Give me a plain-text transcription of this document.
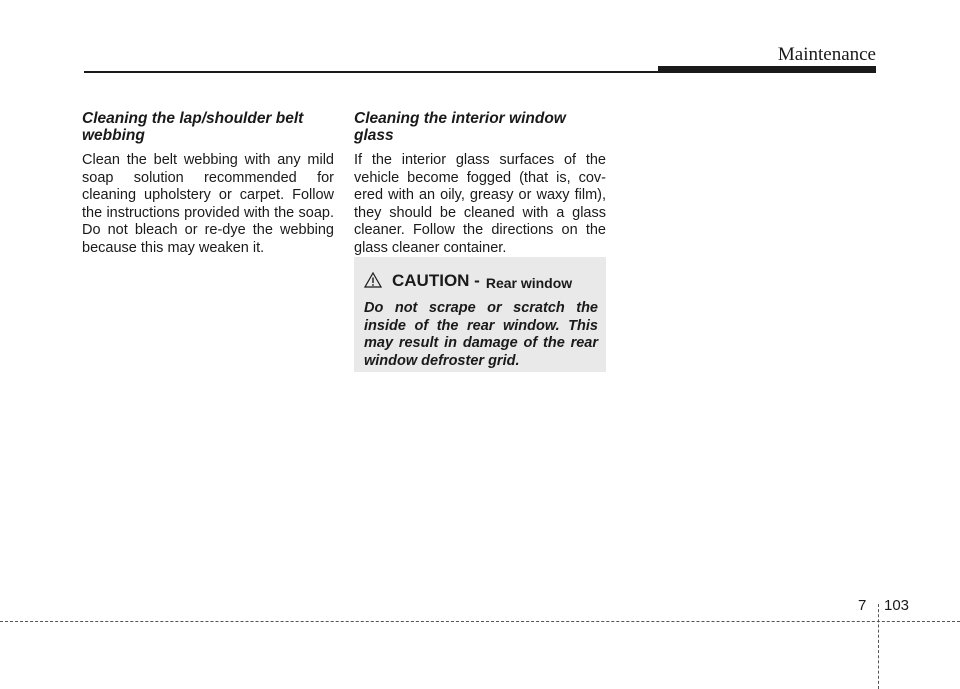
Maintenance
Cleaning the lap/shoulder belt webbing

Clean the belt webbing with any mild soap solution recommended for cleaning upholstery or carpet. Follow the instructions provided with the soap. Do not bleach or re-dye the webbing because this may weaken it.

Cleaning the interior window glass

If the interior glass surfaces of the vehicle become fogged (that is, cov-ered with an oily, greasy or waxy film), they should be cleaned with a glass cleaner. Follow the directions on the glass cleaner container.

CAUTION - Rear window

Do not scrape or scratch the inside of the rear window. This may result in damage of the rear window defroster grid.

7 103
